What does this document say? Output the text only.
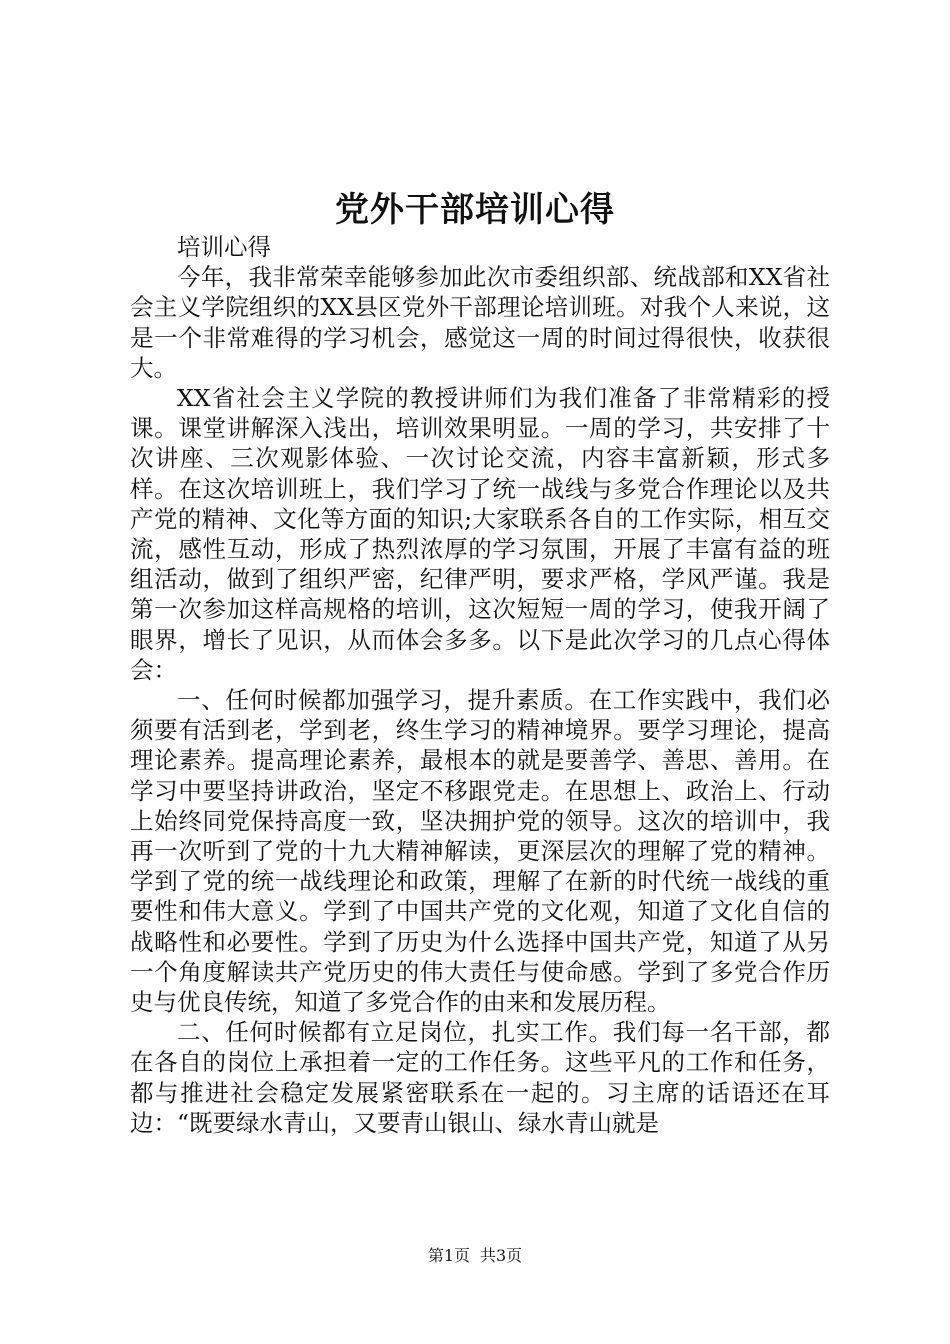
党外干部培训心得

培训心得

今年，我非常荣幸能够参加此次市委组织部、统战部和XX省社会主义学院组织的XX县区党外干部理论培训班。对我个人来说，这是一个非常难得的学习机会，感觉这一周的时间过得很快，收获很大。

XX省社会主义学院的教授讲师们为我们准备了非常精彩的授课。课堂讲解深入浅出，培训效果明显。一周的学习，共安排了十次讲座、三次观影体验、一次讨论交流，内容丰富新颖，形式多样。在这次培训班上，我们学习了统一战线与多党合作理论以及共产党的精神、文化等方面的知识;大家联系各自的工作实际，相互交流，感性互动，形成了热烈浓厚的学习氛围，开展了丰富有益的班组活动，做到了组织严密，纪律严明，要求严格，学风严谨。我是第一次参加这样高规格的培训，这次短短一周的学习，使我开阔了眼界，增长了见识，从而体会多多。以下是此次学习的几点心得体会：

一、任何时候都加强学习，提升素质。在工作实践中，我们必须要有活到老，学到老，终生学习的精神境界。要学习理论，提高理论素养。提高理论素养，最根本的就是要善学、善思、善用。在学习中要坚持讲政治，坚定不移跟党走。在思想上、政治上、行动上始终同党保持高度一致，坚决拥护党的领导。这次的培训中，我再一次听到了党的十九大精神解读，更深层次的理解了党的精神。学到了党的统一战线理论和政策，理解了在新的时代统一战线的重要性和伟大意义。学到了中国共产党的文化观，知道了文化自信的战略性和必要性。学到了历史为什么选择中国共产党，知道了从另一个角度解读共产党历史的伟大责任与使命感。学到了多党合作历史与优良传统，知道了多党合作的由来和发展历程。

二、任何时候都有立足岗位，扎实工作。我们每一名干部，都在各自的岗位上承担着一定的工作任务。这些平凡的工作和任务，都与推进社会稳定发展紧密联系在一起的。习主席的话语还在耳边：“既要绿水青山，又要青山银山、绿水青山就是

第1页 共3页
